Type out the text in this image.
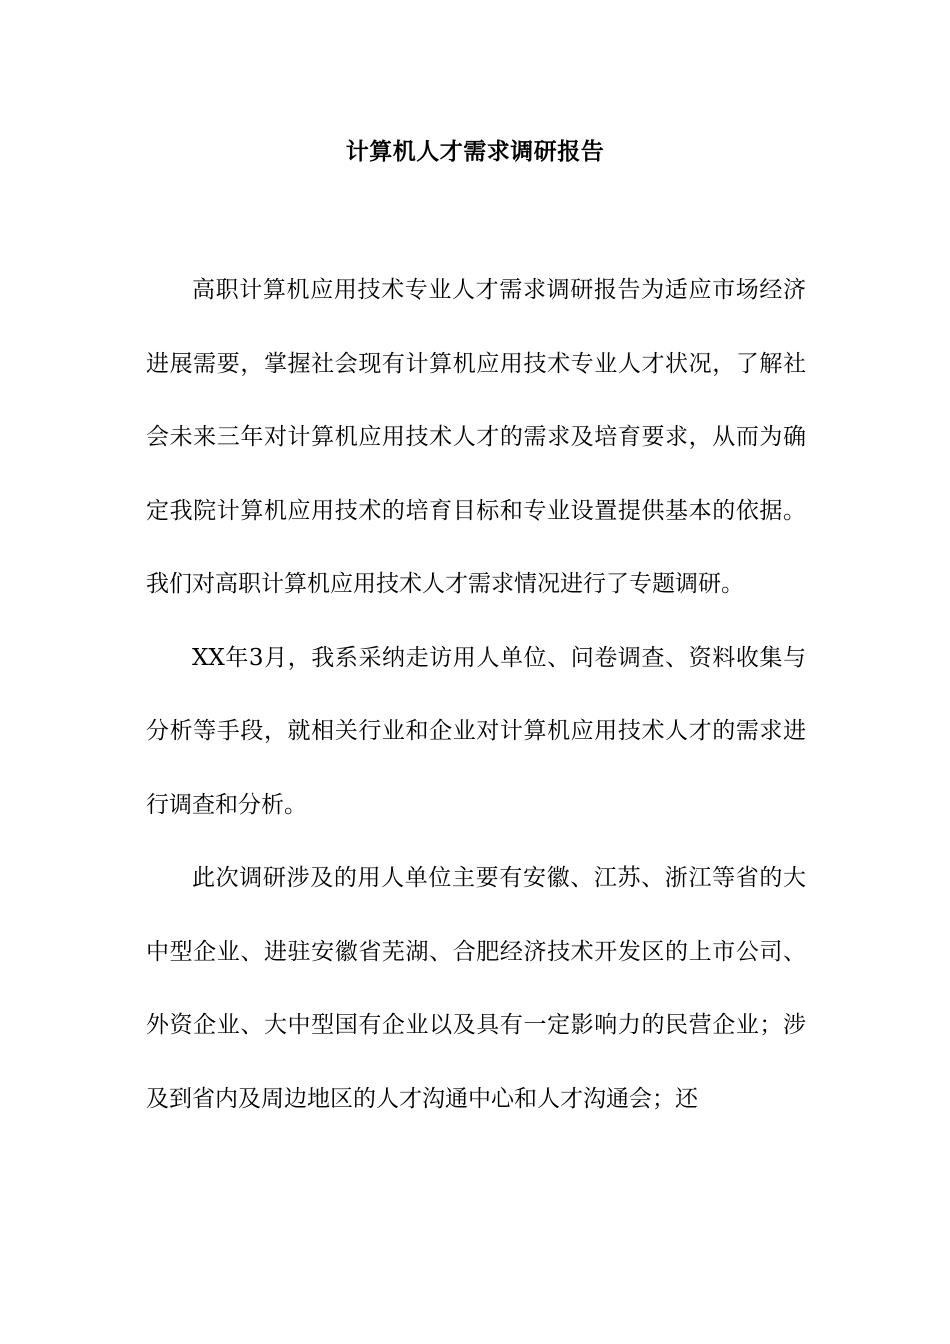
计算机人才需求调研报告

高职计算机应用技术专业人才需求调研报告为适应市场经济进展需要，掌握社会现有计算机应用技术专业人才状况，了解社会未来三年对计算机应用技术人才的需求及培育要求，从而为确定我院计算机应用技术的培育目标和专业设置提供基本的依据。我们对高职计算机应用技术人才需求情况进行了专题调研。

XX年3月，我系采纳走访用人单位、问卷调查、资料收集与分析等手段，就相关行业和企业对计算机应用技术人才的需求进行调查和分析。

此次调研涉及的用人单位主要有安徽、江苏、浙江等省的大中型企业、进驻安徽省芜湖、合肥经济技术开发区的上市公司、外资企业、大中型国有企业以及具有一定影响力的民营企业；涉及到省内及周边地区的人才沟通中心和人才沟通会；还
